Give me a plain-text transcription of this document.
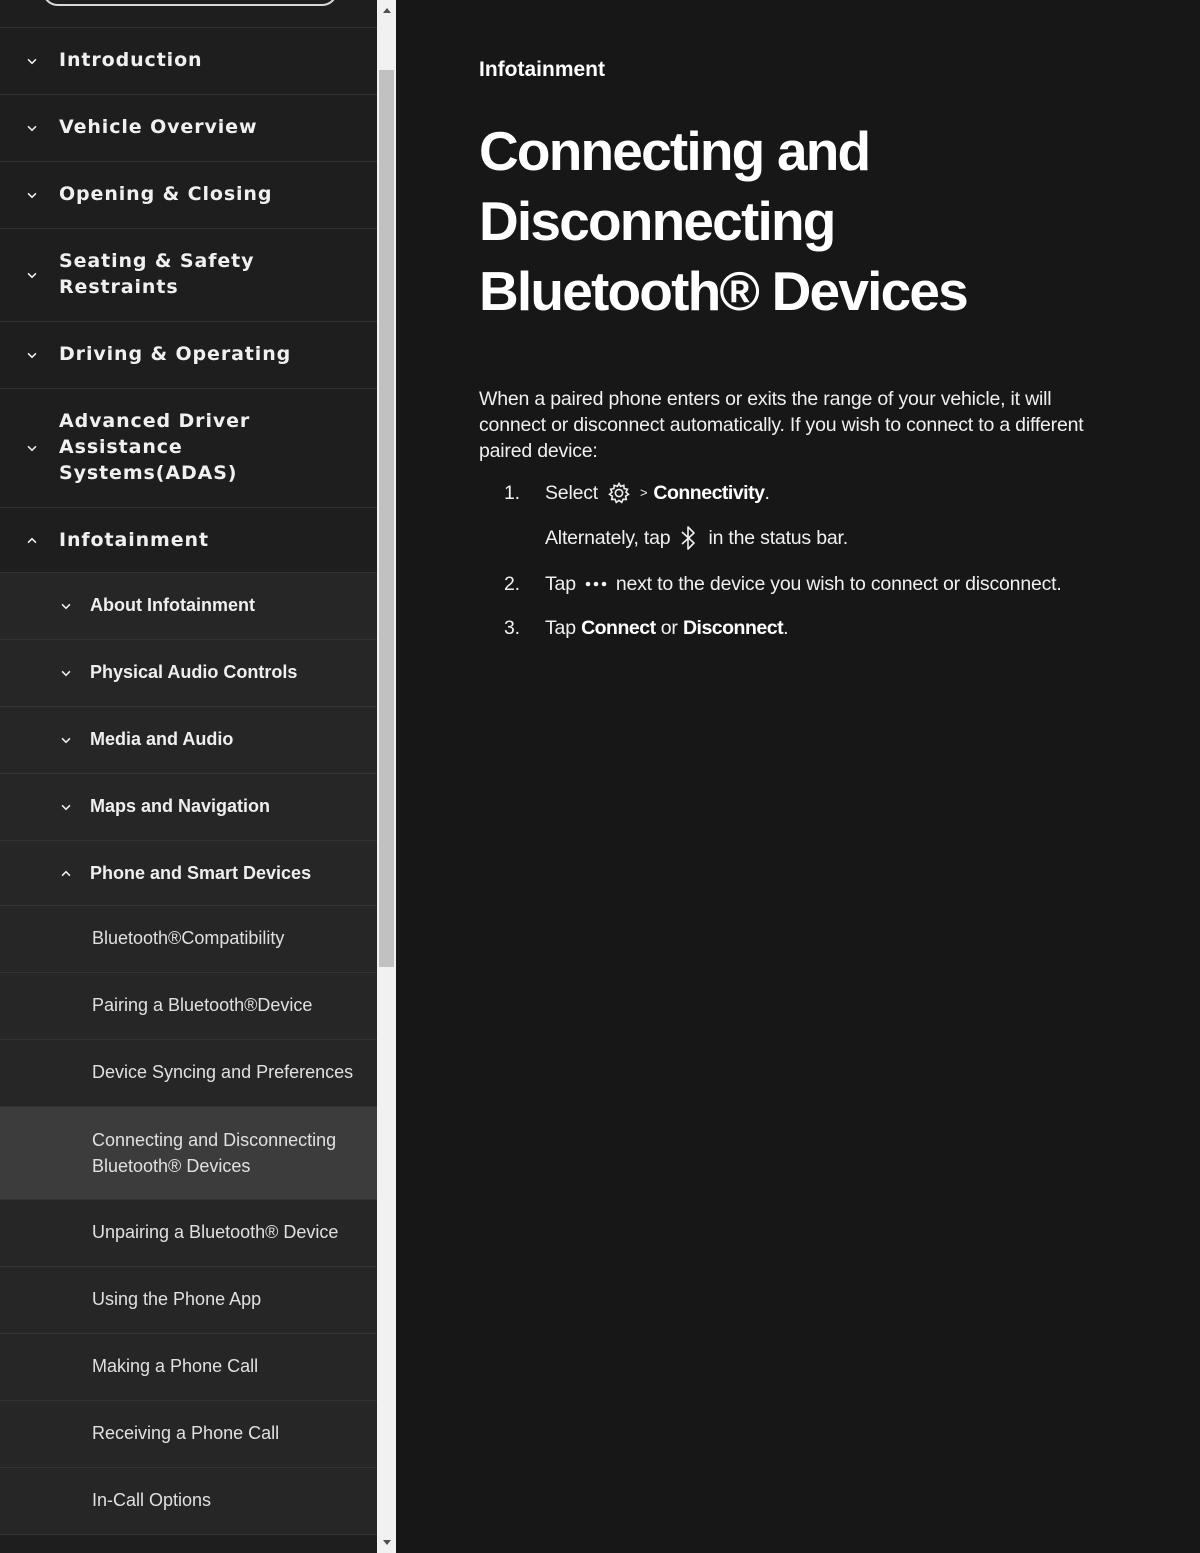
Introduction
Vehicle Overview
Opening & Closing
Seating & Safety Restraints
Driving & Operating
Advanced Driver Assistance Systems(ADAS)
Infotainment
About Infotainment
Physical Audio Controls
Media and Audio
Maps and Navigation
Phone and Smart Devices
Bluetooth®Compatibility
Pairing a Bluetooth®Device
Device Syncing and Preferences
Connecting and Disconnecting Bluetooth® Devices
Unpairing a Bluetooth® Device
Using the Phone App
Making a Phone Call
Receiving a Phone Call
In-Call Options
Infotainment
Connecting and Disconnecting Bluetooth® Devices

When a paired phone enters or exits the range of your vehicle, it will connect or disconnect automatically. If you wish to connect to a different paired device:

1. Select	> Connectivity .
Alternately, tap in the status bar.
2. Tap next to the device you wish to connect or disconnect.
3. Tap
Connect
or
Disconnect .
